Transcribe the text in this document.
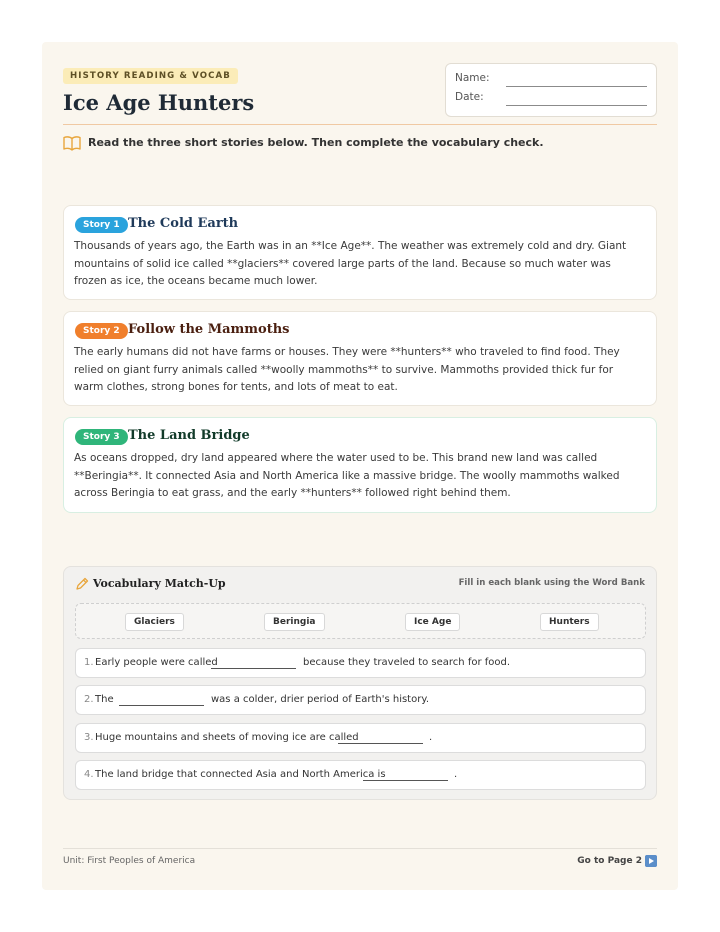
HISTORY READING & VOCAB
Ice Age Hunters
Name:
Date:
Read the three short stories below. Then complete the vocabulary check.
Story 1 The Cold Earth
Thousands of years ago, the Earth was in an **Ice Age**. The weather was extremely cold and dry. Giant mountains of solid ice called **glaciers** covered large parts of the land. Because so much water was frozen as ice, the oceans became much lower.
Story 2 Follow the Mammoths
The early humans did not have farms or houses. They were **hunters** who traveled to find food. They relied on giant furry animals called **woolly mammoths** to survive. Mammoths provided thick fur for warm clothes, strong bones for tents, and lots of meat to eat.
Story 3 The Land Bridge
As oceans dropped, dry land appeared where the water used to be. This brand new land was called **Beringia**. It connected Asia and North America like a massive bridge. The woolly mammoths walked across Beringia to eat grass, and the early **hunters** followed right behind them.
Vocabulary Match-Up	Fill in each blank using the Word Bank
Glaciers	Beringia	Ice Age	Hunters
1. Early people were called	because they traveled to search for food.
2. The	was a colder, drier period of Earth's history.
3. Huge mountains and sheets of moving ice are called	.
4. The land bridge that connected Asia and North America is	.
Unit: First Peoples of America	Go to Page 2
